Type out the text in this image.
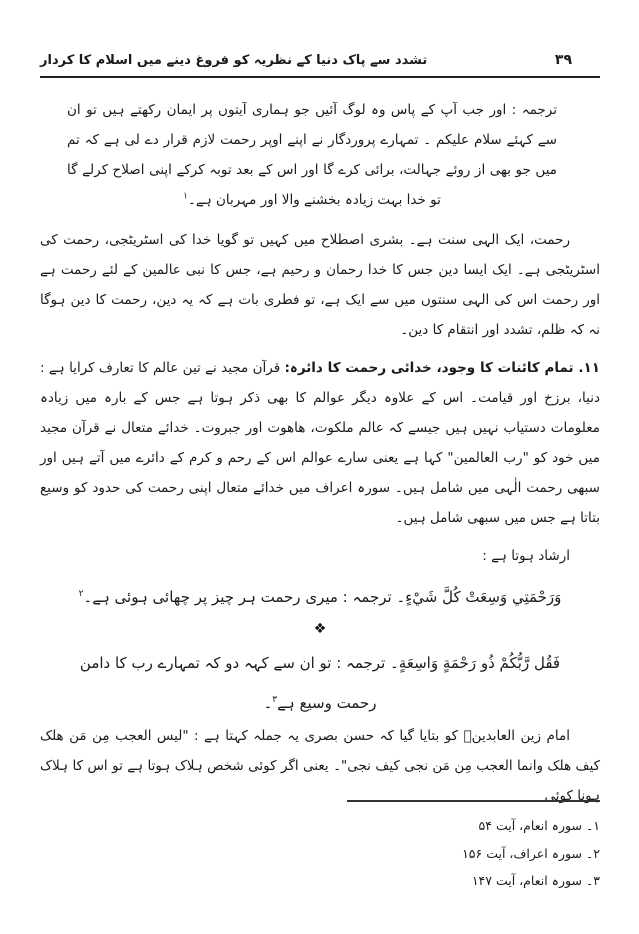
تشدد سے پاک دنیا کے نظریہ کو فروغ دینے میں اسلام کا کردار	۳۹
ترجمہ : اور جب آپ کے پاس وہ لوگ آئیں جو ہماری آیتوں پر ایمان رکھتے ہیں تو ان سے کہئے سلام علیکم ۔ تمہارے پروردگار نے اپنے اوپر رحمت لازم قرار دے لی ہے کہ تم میں جو بھی از روئے جہالت، برائی کرے گا اور اس کے بعد توبہ کرکے اپنی اصلاح کرلے گا تو خدا بہت زیادہ بخشنے والا اور مہربان ہے۔$^۱$

رحمت، ایک الہی سنت ہے۔ بشری اصطلاح میں کہیں تو گویا خدا کی اسٹریٹجی، رحمت کی اسٹریٹجی ہے۔ ایک ایسا دین جس کا خدا رحمان و رحیم ہے، جس کا نبی عالمین کے لئے رحمت ہے اور رحمت اس کی الہی سنتوں میں سے ایک ہے، تو فطری بات ہے کہ یہ دین، رحمت کا دین ہوگا نہ کہ ظلم، تشدد اور انتقام کا دین۔

۱۱. تمام کائنات کا وجود، خدائی رحمت کا دائرہ: قرآن مجید نے تین عالم کا تعارف کرایا ہے : دنیا، برزخ اور قیامت۔ اس کے علاوہ دیگر عوالم کا بھی ذکر ہوتا ہے جس کے بارہ میں زیادہ معلومات دستیاب نہیں ہیں جیسے کہ عالم ملکوت، ھاھوت اور جبروت۔ خدائے متعال نے قرآن مجید میں خود کو "رب العالمین" کہا ہے یعنی سارے عوالم اس کے رحم و کرم کے دائرے میں آتے ہیں اور سبھی رحمت الٰہی میں شامل ہیں۔ سورہ اعراف میں خدائے متعال اپنی رحمت کی حدود کو وسیع بتاتا ہے جس میں سبھی شامل ہیں۔

ارشاد ہوتا ہے :

وَرَحْمَتِي وَسِعَتْ كُلَّ شَيْءٍ۔ ترجمہ : میری رحمت ہر چیز پر چھائی ہوئی ہے۔$^۲$
❖
فَقُل رَّبُّكُمْ ذُو رَحْمَةٍ وَاسِعَةٍ۔ ترجمہ : تو ان سے کہہ دو کہ تمہارے رب کا دامن
رحمت وسیع ہے$^۳$۔

امام زین العابدینؑ کو بتایا گیا کہ حسن بصری یہ جملہ کہتا ہے : "لیس العجب مِن مَن ھلک کیف ھلک وانما العجب مِن مَن نجی کیف نجی"۔ یعنی اگر کوئی شخص ہلاک ہوتا ہے تو اس کا ہلاک ہونا کوئی

۱۔ سورہ انعام، آیت ۵۴
۲۔ سورہ اعراف، آیت ۱۵۶
۳۔ سورہ انعام، آیت ۱۴۷
